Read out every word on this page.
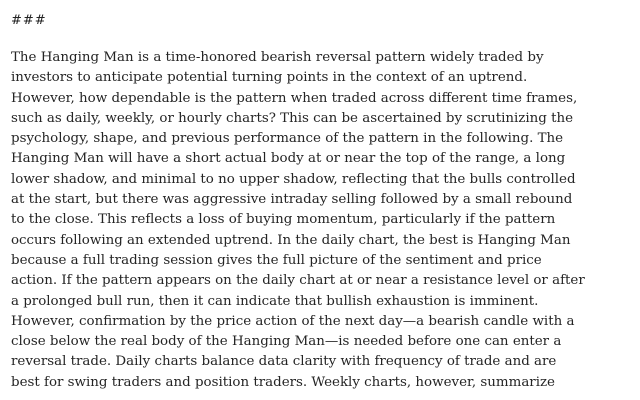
###

The Hanging Man is a time-honored bearish reversal pattern widely traded by
investors to anticipate potential turning points in the context of an uptrend.
However, how dependable is the pattern when traded across different time frames,
such as daily, weekly, or hourly charts? This can be ascertained by scrutinizing the
psychology, shape, and previous performance of the pattern in the following. The
Hanging Man will have a short actual body at or near the top of the range, a long
lower shadow, and minimal to no upper shadow, reflecting that the bulls controlled
at the start, but there was aggressive intraday selling followed by a small rebound
to the close. This reflects a loss of buying momentum, particularly if the pattern
occurs following an extended uptrend. In the daily chart, the best is Hanging Man
because a full trading session gives the full picture of the sentiment and price
action. If the pattern appears on the daily chart at or near a resistance level or after
a prolonged bull run, then it can indicate that bullish exhaustion is imminent.
However, confirmation by the price action of the next day—a bearish candle with a
close below the real body of the Hanging Man—is needed before one can enter a
reversal trade. Daily charts balance data clarity with frequency of trade and are
best for swing traders and position traders. Weekly charts, however, summarize
